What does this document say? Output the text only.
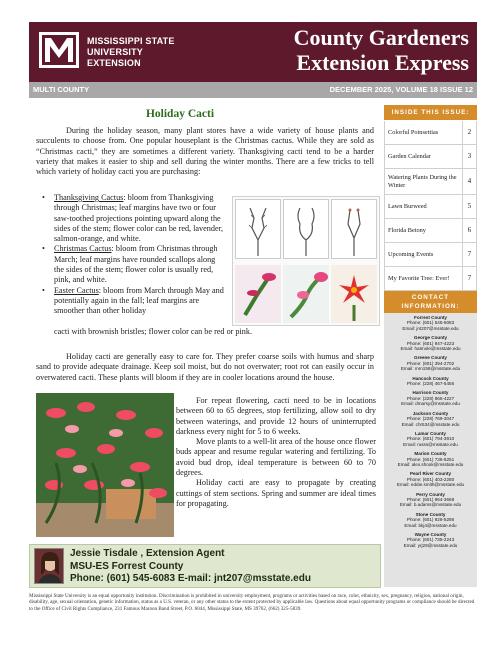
MISSISSIPPI STATE UNIVERSITY
EXTENSION
County Gardeners
Extension Express
MULTI COUNTY	DECEMBER 2025, VOLUME 18 ISSUE 12
Holiday Cacti

During the holiday season, many plant stores have a wide variety of house plants and succulents to choose from. One popular houseplant is the Christmas cactus. While they are sold as “Christmas cacti,” they are sometimes a different variety. Thanksgiving cacti tend to be a harder variety that makes it easier to ship and sell during the winter months. There are a few tricks to tell which variety of holiday cacti you are purchasing:

• Thanksgiving Cactus: bloom from Thanksgiving through Christmas; leaf margins have two or four saw-toothed projections pointing upward along the sides of the stem; flower color can be red, lavender, salmon-orange, and white.
• Christmas Cactus: bloom from Christmas through March; leaf margins have rounded scallops along the sides of the stem; flower color is usually red, pink, and white.
• Easter Cactus: bloom from March through May and potentially again in the fall; leaf margins are smoother than other holiday
cacti with brownish bristles; flower color can be red or pink.
Holiday cacti are generally easy to care for. They prefer coarse soils with humus and sharp sand to provide adequate drainage. Keep soil moist, but do not overwater; root rot can easily occur in overwatered cacti. These plants will bloom if they are in cooler locations around the house.

For repeat flowering, cacti need to be in locations between 60 to 65 degrees, stop fertilizing, allow soil to dry between waterings, and provide 12 hours of uninterrupted darkness every night for 5 to 6 weeks.

Move plants to a well-lit area of the house once flower buds appear and resume regular watering and fertilizing. To avoid bud drop, ideal temperature is between 60 to 70 degrees.

Holiday cacti are easy to propagate by creating cuttings of stem sections. Spring and summer are ideal times for propagating.

Jessie Tisdale , Extension Agent
MSU-ES Forrest County
Phone: (601) 545-6083 E-mail: jnt207@msstate.edu
Mississippi State University is an equal opportunity institution. Discrimination is prohibited in university employment, programs or activities based on race, color, ethnicity, sex, pregnancy, religion, national origin, disability, age, sexual orientation, genetic information, status as a U.S. veteran, or any other status to the extent protected by applicable law. Questions about equal opportunity programs or compliance should be directed to the Office of Civil Rights Compliance, 231 Famous Maroon Band Street, P.O. 6044, Mississippi State, MS 39762, (662) 325-5839.
INSIDE THIS ISSUE:
Colorful Poinsettias	2
Garden Calendar	3
Watering Plants During the Winter	4
Lawn Burweed	5
Florida Betony	6
Upcoming Events	7
My Favorite Tree: Ever!	7
CONTACT INFORMATION:
Forrest County
Phone: (601) 545-6083
Email: jnt207@msstate.edu
George County
Phone: (601) 947-4223
Email: hatmole@msstate.edu
Greene County
Phone: (601) 394-2702
Email: mrn158@msstate.edu
Hancock County
Phone: (228) 467-5456
Harrison County
Phone: (228) 865-4227
Email: dmarsy@msstate.edu
Jackson County
Phone: (228) 769-3047
Email: chr534@msstate.edu
Lamar County
Phone: (601) 794-3910
Email: russs@msstate.edu
Marion County
Phone: (601) 736-8251
Email: alex.shook@msstate.edu
Pearl River County
Phone: (601) 403-2280
Email: eddie.smith@msstate.edu
Perry County
Phone: (601) 964-3668
Email: b.adams@msstate.edu
Stone County
Phone: (601) 928-5286
Email: bkj4@msstate.edu
Wayne County
Phone: (601) 735-2243
Email: yrj29@msstate.edu
